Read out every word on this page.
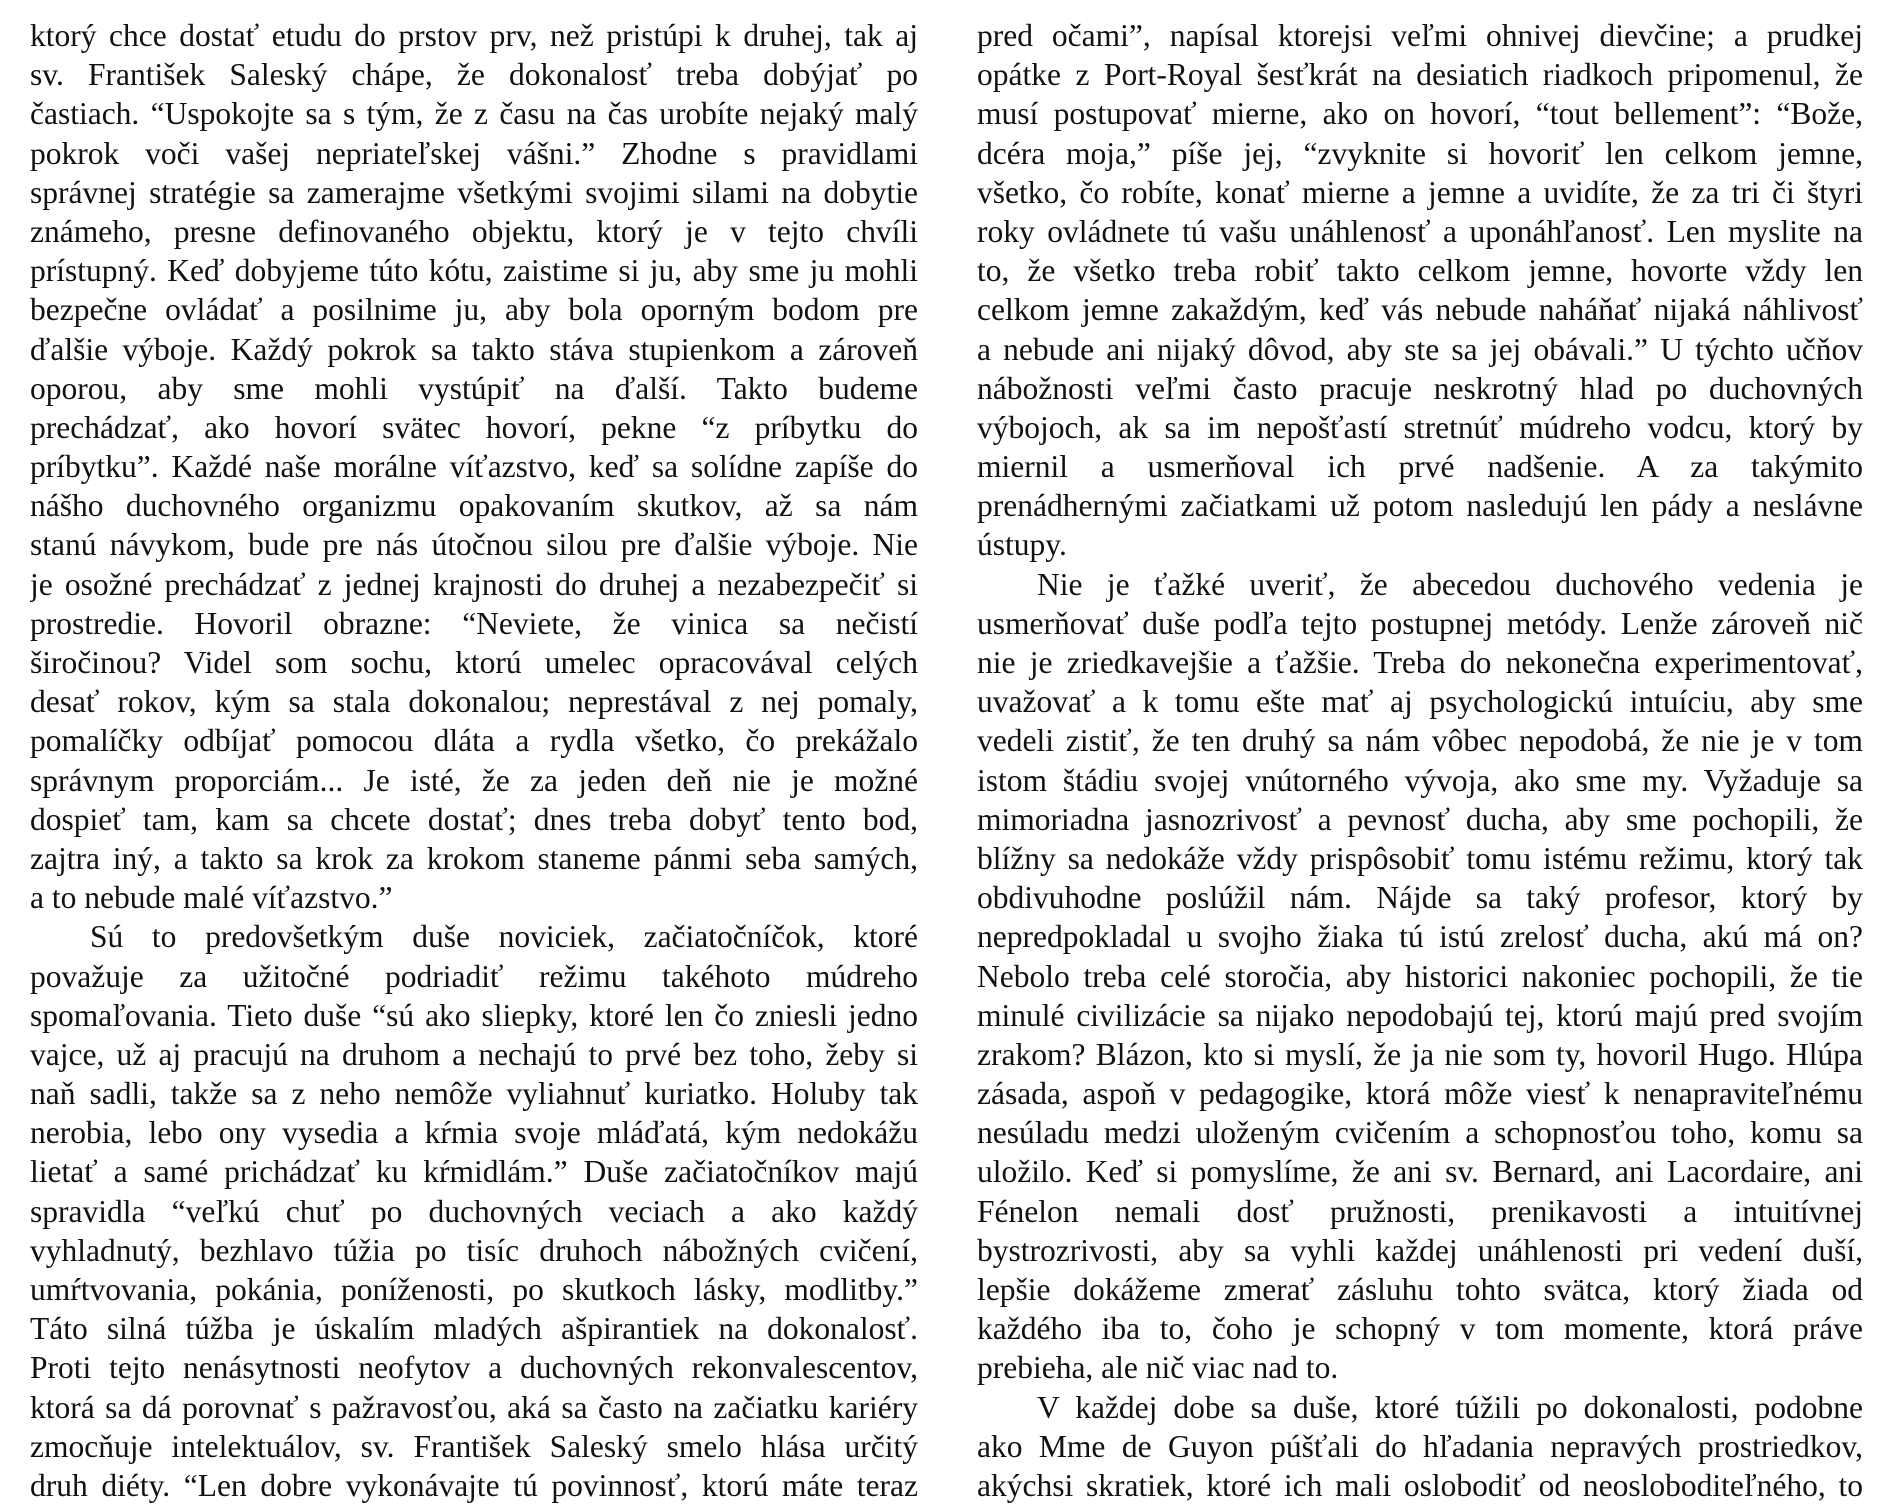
ktorý chce dostať etudu do prstov prv, než pristúpi k druhej, tak aj
sv. František Saleský chápe, že dokonalosť treba dobýjať po
častiach. “Uspokojte sa s tým, že z času na čas urobíte nejaký malý
pokrok voči vašej nepriateľskej vášni.” Zhodne s pravidlami
správnej stratégie sa zamerajme všetkými svojimi silami na dobytie
známeho, presne definovaného objektu, ktorý je v tejto chvíli
prístupný. Keď dobyjeme túto kótu, zaistime si ju, aby sme ju mohli
bezpečne ovládať a posilnime ju, aby bola oporným bodom pre
ďalšie výboje. Každý pokrok sa takto stáva stupienkom a zároveň
oporou, aby sme mohli vystúpiť na ďalší. Takto budeme
prechádzať, ako hovorí svätec hovorí, pekne “z príbytku do
príbytku”. Každé naše morálne víťazstvo, keď sa solídne zapíše do
nášho duchovného organizmu opakovaním skutkov, až sa nám
stanú návykom, bude pre nás útočnou silou pre ďalšie výboje. Nie
je osožné prechádzať z jednej krajnosti do druhej a nezabezpečiť si
prostredie. Hovoril obrazne: “Neviete, že vinica sa nečistí
širočinou? Videl som sochu, ktorú umelec opracovával celých
desať rokov, kým sa stala dokonalou; neprestával z nej pomaly,
pomalíčky odbíjať pomocou dláta a rydla všetko, čo prekážalo
správnym proporciám... Je isté, že za jeden deň nie je možné
dospieť tam, kam sa chcete dostať; dnes treba dobyť tento bod,
zajtra iný, a takto sa krok za krokom staneme pánmi seba samých,
a to nebude malé víťazstvo.”
Sú to predovšetkým duše noviciek, začiatočníčok, ktoré
považuje za užitočné podriadiť režimu takéhoto múdreho
spomaľovania. Tieto duše “sú ako sliepky, ktoré len čo zniesli jedno
vajce, už aj pracujú na druhom a nechajú to prvé bez toho, žeby si
naň sadli, takže sa z neho nemôže vyliahnuť kuriatko. Holuby tak
nerobia, lebo ony vysedia a kŕmia svoje mláďatá, kým nedokážu
lietať a samé prichádzať ku kŕmidlám.” Duše začiatočníkov majú
spravidla “veľkú chuť po duchovných veciach a ako každý
vyhladnutý, bezhlavo túžia po tisíc druhoch nábožných cvičení,
umŕtvovania, pokánia, poníženosti, po skutkoch lásky, modlitby.”
Táto silná túžba je úskalím mladých ašpirantiek na dokonalosť.
Proti tejto nenásytnosti neofytov a duchovných rekonvalescentov,
ktorá sa dá porovnať s pažravosťou, aká sa často na začiatku kariéry
zmocňuje intelektuálov, sv. František Saleský smelo hlása určitý
druh diéty. “Len dobre vykonávajte tú povinnosť, ktorú máte teraz
pred očami”, napísal ktorejsi veľmi ohnivej dievčine; a prudkej
opátke z Port-Royal šesťkrát na desiatich riadkoch pripomenul, že
musí postupovať mierne, ako on hovorí, “tout bellement”: “Bože,
dcéra moja,” píše jej, “zvyknite si hovoriť len celkom jemne,
všetko, čo robíte, konať mierne a jemne a uvidíte, že za tri či štyri
roky ovládnete tú vašu unáhlenosť a uponáhľanosť. Len myslite na
to, že všetko treba robiť takto celkom jemne, hovorte vždy len
celkom jemne zakaždým, keď vás nebude naháňať nijaká náhlivosť
a nebude ani nijaký dôvod, aby ste sa jej obávali.” U týchto učňov
nábožnosti veľmi často pracuje neskrotný hlad po duchovných
výbojoch, ak sa im nepošťastí stretnúť múdreho vodcu, ktorý by
miernil a usmerňoval ich prvé nadšenie. A za takýmito
prenádhernými začiatkami už potom nasledujú len pády a neslávne
ústupy.
Nie je ťažké uveriť, že abecedou duchového vedenia je
usmerňovať duše podľa tejto postupnej metódy. Lenže zároveň nič
nie je zriedkavejšie a ťažšie. Treba do nekonečna experimentovať,
uvažovať a k tomu ešte mať aj psychologickú intuíciu, aby sme
vedeli zistiť, že ten druhý sa nám vôbec nepodobá, že nie je v tom
istom štádiu svojej vnútorného vývoja, ako sme my. Vyžaduje sa
mimoriadna jasnozrivosť a pevnosť ducha, aby sme pochopili, že
blížny sa nedokáže vždy prispôsobiť tomu istému režimu, ktorý tak
obdivuhodne poslúžil nám. Nájde sa taký profesor, ktorý by
nepredpokladal u svojho žiaka tú istú zrelosť ducha, akú má on?
Nebolo treba celé storočia, aby historici nakoniec pochopili, že tie
minulé civilizácie sa nijako nepodobajú tej, ktorú majú pred svojím
zrakom? Blázon, kto si myslí, že ja nie som ty, hovoril Hugo. Hlúpa
zásada, aspoň v pedagogike, ktorá môže viesť k nenapraviteľnému
nesúladu medzi uloženým cvičením a schopnosťou toho, komu sa
uložilo. Keď si pomyslíme, že ani sv. Bernard, ani Lacordaire, ani
Fénelon nemali dosť pružnosti, prenikavosti a intuitívnej
bystrozrivosti, aby sa vyhli každej unáhlenosti pri vedení duší,
lepšie dokážeme zmerať zásluhu tohto svätca, ktorý žiada od
každého iba to, čoho je schopný v tom momente, ktorá práve
prebieha, ale nič viac nad to.
V každej dobe sa duše, ktoré túžili po dokonalosti, podobne
ako Mme de Guyon púšťali do hľadania nepravých prostriedkov,
akýchsi skratiek, ktoré ich mali oslobodiť od neoslobodite​ľného, to
